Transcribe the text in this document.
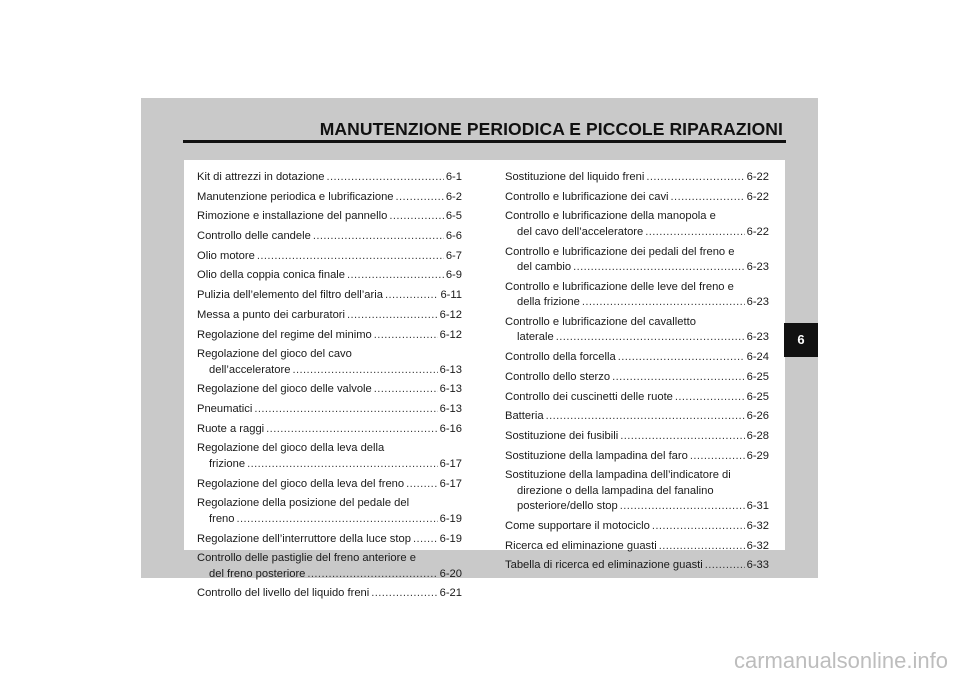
MANUTENZIONE PERIODICA E PICCOLE RIPARAZIONI
Kit di attrezzi in dotazione .....	6-1
Manutenzione periodica e lubrificazione .....	6-2
Rimozione e installazione del pannello .....	6-5
Controllo delle candele .....	6-6
Olio motore .....	6-7
Olio della coppia conica finale .....	6-9
Pulizia dell’elemento del filtro dell’aria .....	6-11
Messa a punto dei carburatori .....	6-12
Regolazione del regime del minimo .....	6-12
Regolazione del gioco del cavo
dell’acceleratore .....	6-13
Regolazione del gioco delle valvole .....	6-13
Pneumatici .....	6-13
Ruote a raggi .....	6-16
Regolazione del gioco della leva della
frizione .....	6-17
Regolazione del gioco della leva del freno .....	6-17
Regolazione della posizione del pedale del
freno .....	6-19
Regolazione dell’interruttore della luce stop .....	6-19
Controllo delle pastiglie del freno anteriore e
del freno posteriore .....	6-20
Controllo del livello del liquido freni .....	6-21
Sostituzione del liquido freni .....	6-22
Controllo e lubrificazione dei cavi .....	6-22
Controllo e lubrificazione della manopola e
del cavo dell’acceleratore .....	6-22
Controllo e lubrificazione dei pedali del freno e
del cambio .....	6-23
Controllo e lubrificazione delle leve del freno e
della frizione .....	6-23
Controllo e lubrificazione del cavalletto
laterale .....	6-23
Controllo della forcella .....	6-24
Controllo dello sterzo .....	6-25
Controllo dei cuscinetti delle ruote .....	6-25
Batteria .....	6-26
Sostituzione dei fusibili .....	6-28
Sostituzione della lampadina del faro .....	6-29
Sostituzione della lampadina dell’indicatore di
direzione o della lampadina del fanalino
posteriore/dello stop .....	6-31
Come supportare il motociclo .....	6-32
Ricerca ed eliminazione guasti .....	6-32
Tabella di ricerca ed eliminazione guasti .....	6-33
6
carmanualsonline.info
